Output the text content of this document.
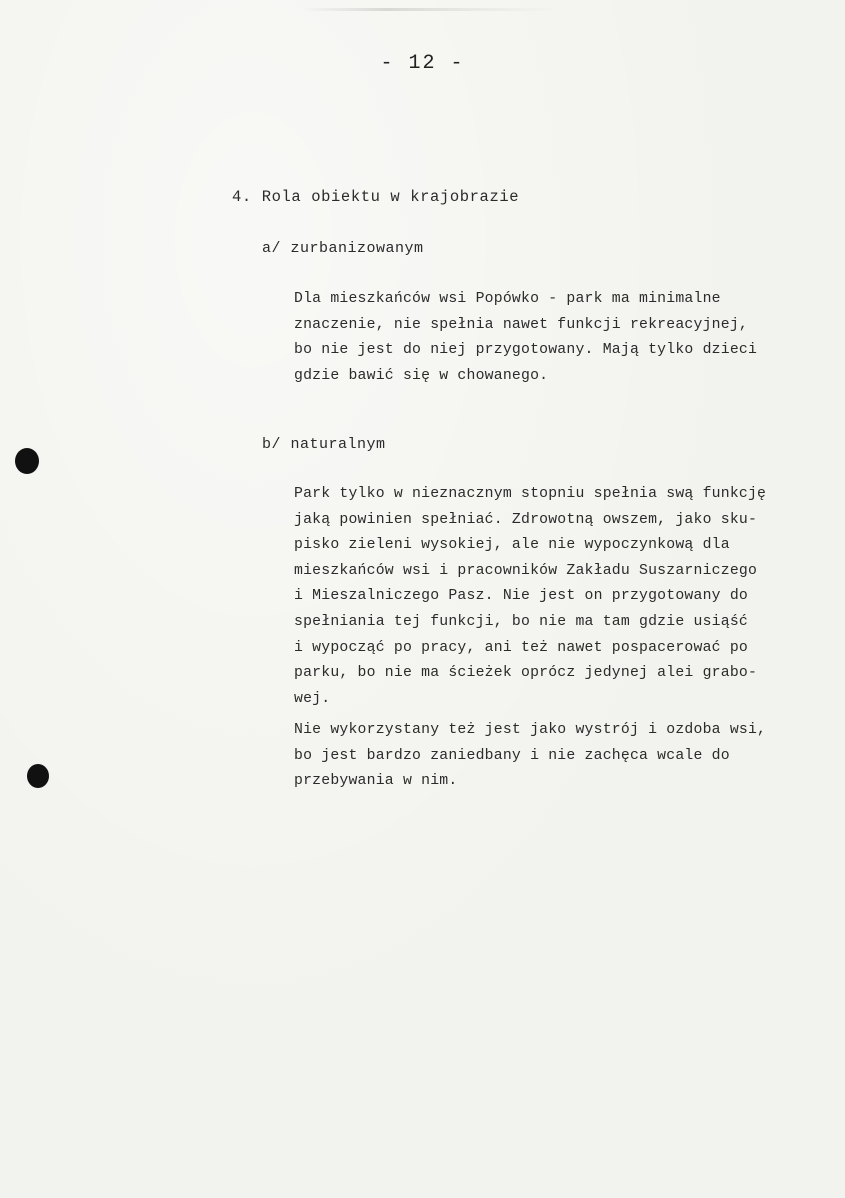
- 12 -
4. Rola obiektu w krajobrazie
a/ zurbanizowanym
Dla mieszkańców wsi Popówko - park ma minimalne
znaczenie, nie spełnia nawet funkcji rekreacyjnej,
bo nie jest do niej przygotowany. Mają tylko dzieci
gdzie bawić się w chowanego.
b/ naturalnym
Park tylko w nieznacznym stopniu spełnia swą funkcję
jaką powinien spełniać. Zdrowotną owszem, jako sku-
pisko zieleni wysokiej, ale nie wypoczynkową dla
mieszkańców wsi i pracowników Zakładu Suszarniczego
i Mieszalniczego Pasz. Nie jest on przygotowany do
spełniania tej funkcji, bo nie ma tam gdzie usiąść
i wypocząć po pracy, ani też nawet pospacerować po
parku, bo nie ma ścieżek oprócz jedynej alei grabo-
wej.
Nie wykorzystany też jest jako wystrój i ozdoba wsi,
bo jest bardzo zaniedbany i nie zachęca wcale do
przebywania w nim.
